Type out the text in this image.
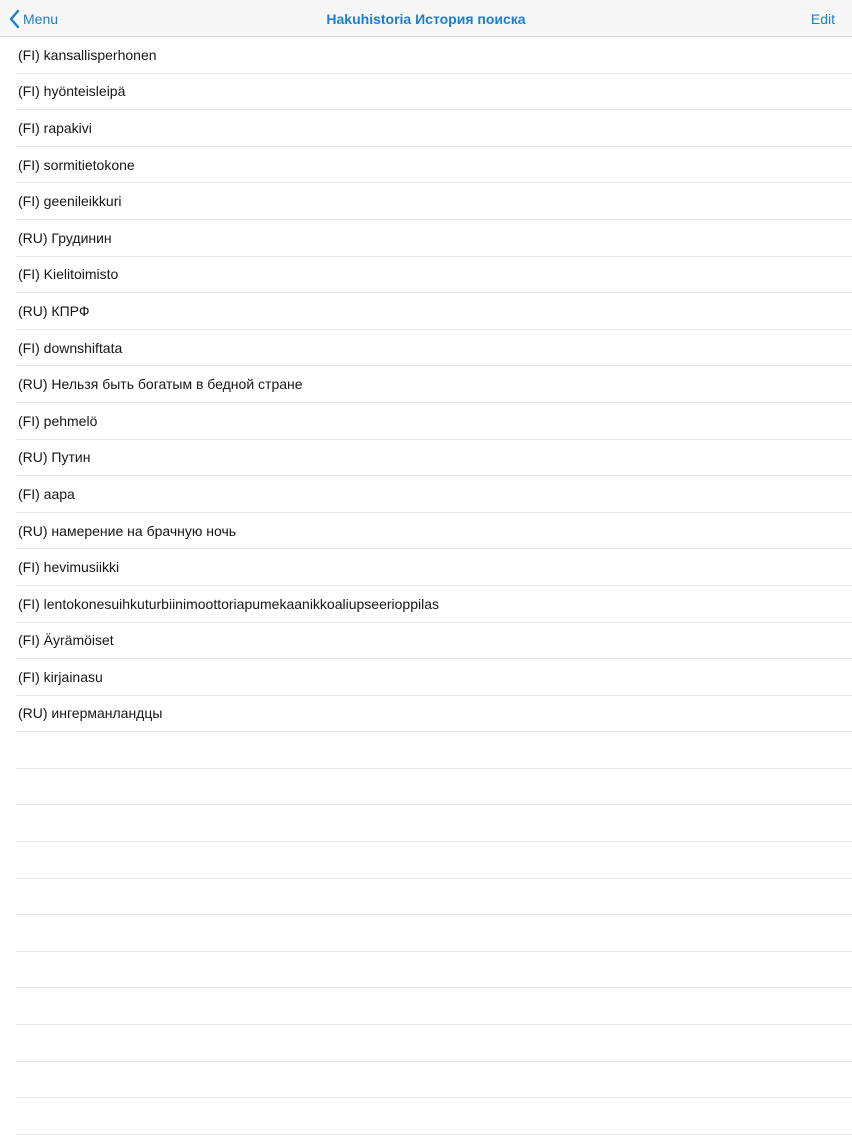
Menu	Hakuhistoria История поиска	Edit
(FI) kansallisperhonen
(FI) hyönteisleipä
(FI) rapakivi
(FI) sormitietokone
(FI) geenileikkuri
(RU) Грудинин
(FI) Kielitoimisto
(RU) КПРФ
(FI) downshiftata
(RU) Нельзя быть богатым в бедной стране
(FI) pehmelö
(RU) Путин
(FI) aapa
(RU) намерение на брачную ночь
(FI) hevimusiikki
(FI) lentokonesuihkuturbiinimoottoriapumekaanikkoaliupseerioppilas
(FI) Äyrämöiset
(FI) kirjainasu
(RU) ингерманландцы
